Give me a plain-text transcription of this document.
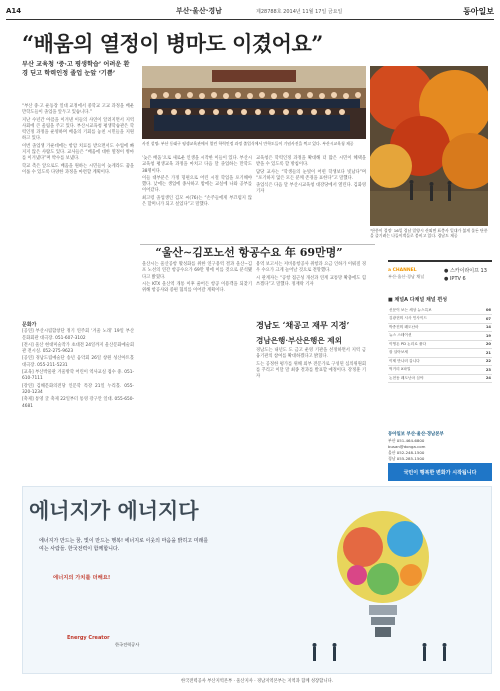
A14	부산·울산·경남	제28788호 2014년 11월 17일 금요일	동아일보
“배움의 열정이 병마도 이겼어요”
부산 교육청 ‘중·고 평생학습’ 어려운 환경 딛고 학력인정 졸업 눈앞 ‘기쁨’

“부산 중·고 운동장 일대 교정에서 중학교 고교 과정을 배운 만학도들이 졸업을 앞두고 있습니다.”

지난 수년간 아픔을 이겨낸 이들의 사연이 알려지면서 지역사회에 큰 울림을 주고 있다. 부산시교육청 평생학습관은 학력인정 과정을 운영하며 배움의 기회를 놓친 시민들을 지원하고 있다.

이번 졸업생 가운데에는 항암 치료를 받으면서도 수업에 빠지지 않은 사람도 있다. 교사들은 “배움에 대한 열정이 병마를 이겨냈다”며 박수를 보냈다.

학교 측은 앞으로도 배움을 원하는 시민들이 늦게라도 꿈을 이룰 수 있도록 다양한 과정을 마련할 계획이다.

문화가

[공연] 부산시립합창단 정기 연주회 ‘겨울 노래’ 19일 부산문화회관 대극장. 051-607-3102

[전시] 울산 현대미술작가 초대전 24일까지 울산문화예술회관 전시실. 052-275-9623

[공연] 경남도립예술단 송년 음악회 26일 창원 성산아트홀 대극장. 055-211-5231

[교육] 부산박물관 겨울방학 어린이 역사교실 접수 중. 051-610-7111

[강연] 김해문화의전당 인문학 특강 21일 누리홀. 055-320-1234

[축제] 통영 굴 축제 22일부터 통영 강구안 일대. 055-650-4681

사진 설명: 부산 동래구 평생교육관에서 열린 학력인정 과정 졸업식에서 만학도들이 기념사진을 찍고 있다. 부산시교육청 제공

‘늦은 배움’으로 새로운 인생을 시작한 이들이 있다. 부산시교육청 평생교육 과정을 마치고 다음 달 졸업하는 만학도 38명이다.

이들 대부분은 가정 형편으로 어린 시절 학업을 포기해야 했다. 낮에는 생업에 종사하고 밤에는 교실에 나와 공부를 이어갔다.

최고령 졸업생인 김모 씨(76)는 “손주들에게 부끄럽지 않은 할머니가 되고 싶었다”고 말했다.

교육청은 학력인정 과정을 확대해 더 많은 시민이 혜택을 받을 수 있도록 할 방침이다.

담당 교사는 “학생들의 눈빛이 어떤 학생보다 빛났다”며 “포기하지 않은 모든 분께 존경을 표한다”고 말했다.

졸업식은 다음 달 부산시교육청 대강당에서 열린다. 김화영 기자

‘단풍이 절정’ 16일 경남 밀양시 산외면 표충사 일대가 붉게 물든 단풍을 즐기려는 나들이객들로 붐비고 있다. 경남도 제공
“울산∼김포노선 항공수요 年 69만명”

울산시는 울산공항 활성화를 위한 연구용역 결과 울산∼김포 노선의 연간 항공수요가 69만 명에 이를 것으로 분석됐다고 밝혔다.

시는 KTX 울산역 개통 이후 줄어든 항공 이용객을 되찾기 위해 항공사와 증편 협의를 이어갈 계획이다.

용역 보고서는 저비용항공사 취항과 요금 인하가 이뤄질 경우 수요가 크게 늘어날 것으로 전망했다.

시 관계자는 “공항 접근성 개선과 연계 교통망 확충에도 힘쓰겠다”고 말했다. 정재락 기자

경남도 ‘채공고 재무 지정’
경남은행·부산은행은 제외

경남도는 내년도 도 금고 운영 기관을 선정하면서 지역 금융기관의 참여를 확대하겠다고 밝혔다.

도는 공정한 평가를 위해 외부 전문가로 구성된 심의위원회를 꾸리고 이달 말 최종 결과를 발표할 예정이다. 강정훈 기자

a CHANNEL
부산·울산·경남 채널
● 스카이라이프 13
● IPTV 6
■ 채널A 다채널 채널 편성
신문이 보는 세상 뉴스특보	06
김광현의 시사 인사이드	07
박종진의 쾌도난마	14
뉴스 스테이션	19
이영돈 PD 논리로 풀다	20
잘 살아보세	21
이제 만나러 갑니다	22
먹거리 X파일	23
논현동 쾌도난마 심야	24
동아일보 부산·울산·경남본부
부산 051-464-6800
busan@donga.com
울산 052-248-1500
경남 055-285-1500
국민이 행복한 변화가 시작됩니다
에너지가 에너지다
에너지가 만드는 꿈, 빛이 만드는 행복! 에너지로 이웃의 마음을 밝히고 미래를 여는 사람들. 한국전력이 함께합니다.
에너지의 가치를 더해요!
Energy Creator
한국전력공사
한국전력공사 부산지역본부 · 울산지사 · 경남지역본부는 지역과 함께 성장합니다.
